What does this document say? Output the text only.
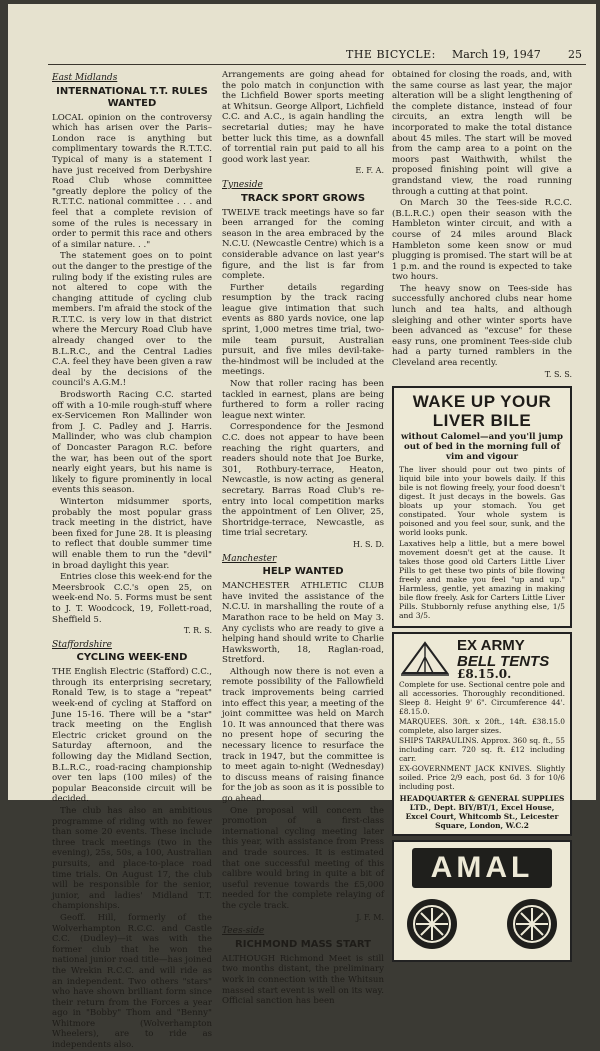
THE BICYCLE: March 19, 1947 25
East Midlands
INTERNATIONAL T.T. RULES WANTED

LOCAL opinion on the controversy which has arisen over the Paris–London race is anything but complimentary towards the R.T.T.C. Typical of many is a statement I have just received from Derbyshire Road Club whose committee "greatly deplore the policy of the R.T.T.C. national committee . . . and feel that a complete revision of some of the rules is necessary in order to permit this race and others of a similar nature. . ."

The statement goes on to point out the danger to the prestige of the ruling body if the existing rules are not altered to cope with the changing attitude of cycling club members. I'm afraid the stock of the R.T.T.C. is very low in that district where the Mercury Road Club have already changed over to the B.L.R.C., and the Central Ladies C.A. feel they have been given a raw deal by the decisions of the council's A.G.M.!

Brodsworth Racing C.C. started off with a 10-mile rough-stuff where ex-Servicemen Ron Mallinder won from J. C. Padley and J. Harris. Mallinder, who was club champion of Doncaster Paragon R.C. before the war, has been out of the sport nearly eight years, but his name is likely to figure prominently in local events this season.

Winterton midsummer sports, probably the most popular grass track meeting in the district, have been fixed for June 28. It is pleasing to reflect that double summer time will enable them to run the "devil" in broad daylight this year.

Entries close this week-end for the Meersbrook C.C.'s open 25, on week-end No. 5. Forms must be sent to J. T. Woodcock, 19, Follett-road, Sheffield 5.

T. R. S.
Staffordshire
CYCLING WEEK-END

THE English Electric (Stafford) C.C., through its enterprising secretary, Ronald Tew, is to stage a "repeat" week-end of cycling at Stafford on June 15-16. There will be a "star" track meeting on the English Electric cricket ground on the Saturday afternoon, and the following day the Midland Section, B.L.R.C., road-racing championship over ten laps (100 miles) of the popular Beaconside circuit will be decided.

The club has also an ambitious programme of riding with no fewer than some 20 events. These include three track meetings (two in the evening), 25s, 50s, a 100, Australian pursuits, and place-to-place road time trials. On August 17, the club will be responsible for the senior, junior, and ladies' Midland T.T. championships.

Geoff. Hill, formerly of the Wolverhampton R.C.C. and Castle C.C. (Dudley)—it was with the former club that he won the national junior road title—has joined the Wrekin R.C.C. and will ride as an independent. Two others "stars" who have shown brilliant form since their return from the Forces a year ago in "Bobby" Thom and "Benny" Whitmore (Wolverhampton Wheelers), are to ride as independents also.

Arrangements are going ahead for the polo match in conjunction with the Lichfield Bower sports meeting at Whitsun. George Allport, Lichfield C.C. and A.C., is again handling the secretarial duties; may he have better luck this time, as a downfall of torrential rain put paid to all his good work last year.

E. F. A.
Tyneside
TRACK SPORT GROWS

TWELVE track meetings have so far been arranged for the coming season in the area embraced by the N.C.U. (Newcastle Centre) which is a considerable advance on last year's figure, and the list is far from complete.

Further details regarding resumption by the track racing league give intimation that such events as 880 yards novice, one lap sprint, 1,000 metres time trial, two-mile team pursuit, Australian pursuit, and five miles devil-take-the-hindmost will be included at the meetings.

Now that roller racing has been tackled in earnest, plans are being furthered to form a roller racing league next winter.

Correspondence for the Jesmond C.C. does not appear to have been reaching the right quarters, and readers should note that Joe Burke, 301, Rothbury-terrace, Heaton, Newcastle, is now acting as general secretary. Barras Road Club's re-entry into local competition marks the appointment of Len Oliver, 25, Shortridge-terrace, Newcastle, as time trial secretary.

H. S. D.
Manchester
HELP WANTED

MANCHESTER ATHLETIC CLUB have invited the assistance of the N.C.U. in marshalling the route of a Marathon race to be held on May 3. Any cyclists who are ready to give a helping hand should write to Charlie Hawksworth, 18, Raglan-road, Stretford.

Although now there is not even a remote possibility of the Fallowfield track improvements being carried into effect this year, a meeting of the joint committee was held on March 10. It was announced that there was no present hope of securing the necessary licence to resurface the track in 1947, but the committee is to meet again to-night (Wednesday) to discuss means of raising finance for the job as soon as it is possible to go ahead.

One proposal will concern the promotion of a first-class international cycling meeting later this year, with assistance from Press and trade sources. It is estimated that one successful meeting of this calibre would bring in quite a bit of useful revenue towards the £5,000 needed for the complete relaying of the cycle track.

J. F. M.
Tees-side
RICHMOND MASS START

ALTHOUGH Richmond Meet is still two months distant, the preliminary work in connection with the Whitsun massed start event is well on its way. Official sanction has been

obtained for closing the roads, and, with the same course as last year, the major alteration will be a slight lengthening of the complete distance, instead of four circuits, an extra length will be incorporated to make the total distance about 45 miles. The start will be moved from the camp area to a point on the moors past Waithwith, whilst the proposed finishing point will give a grandstand view, the road running through a cutting at that point.

On March 30 the Tees-side R.C.C. (B.L.R.C.) open their season with the Hambleton winter circuit, and with a course of 24 miles around Black Hambleton some keen snow or mud plugging is promised. The start will be at 1 p.m. and the round is expected to take two hours.

The heavy snow on Tees-side has successfully anchored clubs near home lunch and tea halts, and although sleighing and other winter sports have been advanced as "excuse" for these easy runs, one prominent Tees-side club had a party turned ramblers in the Cleveland area recently.

T. S. S.
WAKE UP YOUR LIVER BILE
without Calomel—and you'll jump out of bed in the morning full of vim and vigour

The liver should pour out two pints of liquid bile into your bowels daily. If this bile is not flowing freely, your food doesn't digest. It just decays in the bowels. Gas bloats up your stomach. You get constipated. Your whole system is poisoned and you feel sour, sunk, and the world looks punk.

Laxatives help a little, but a mere bowel movement doesn't get at the cause. It takes those good old Carters Little Liver Pills to get these two pints of bile flowing freely and make you feel "up and up." Harmless, gentle, yet amazing in making bile flow freely. Ask for Carters Little Liver Pills. Stubbornly refuse anything else, 1/5 and 3/5.

EX ARMY
BELL TENTS
£8.15.0.
Complete for use. Sectional centre pole and all accessories. Thoroughly reconditioned. Sleep 8. Height 9' 6". Circumference 44'. £8.15.0.
MARQUEES. 30ft. x 20ft., 14ft. £38.15.0 complete, also larger sizes.
SHIPS TARPAULINS. Approx. 360 sq. ft., 55 including carr. 720 sq. ft. £12 including carr.
EX-GOVERNMENT JACK KNIVES. Slightly soiled. Price 2/9 each, post 6d. 3 for 10/6 including post.
HEADQUARTER & GENERAL SUPPLIES LTD., Dept. BIY/BT/1, Excel House, Excel Court, Whitcomb St., Leicester Square, London, W.C.2
AMAL
